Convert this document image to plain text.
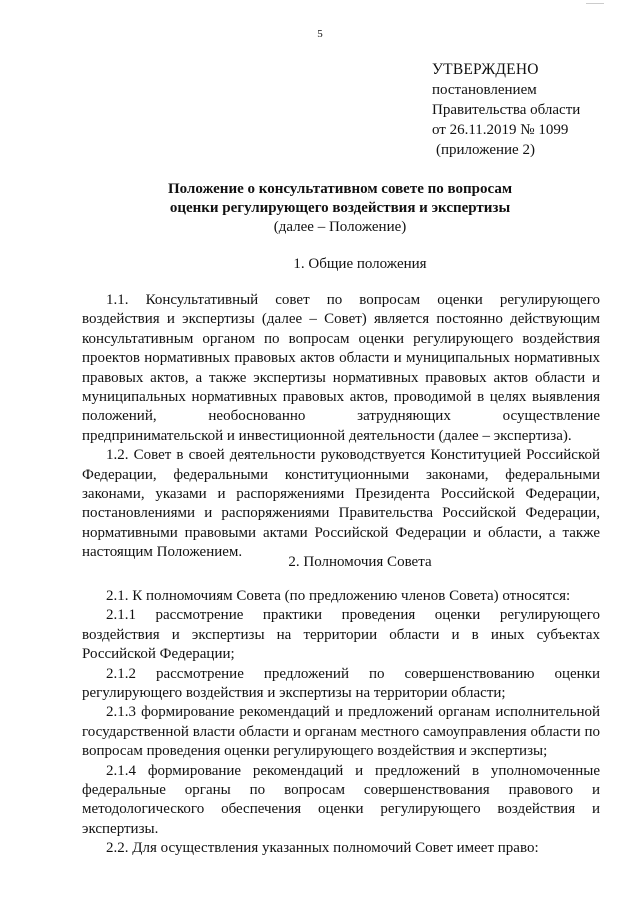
5
УТВЕРЖДЕНО
постановлением
Правительства области
от 26.11.2019 № 1099
(приложение 2)
Положение о консультативном совете по вопросам
оценки регулирующего воздействия и экспертизы
(далее – Положение)
1. Общие положения

1.1. Консультативный совет по вопросам оценки регулирующего воздействия и экспертизы (далее – Совет) является постоянно действующим консультативным органом по вопросам оценки регулирующего воздействия проектов нормативных правовых актов области и муниципальных нормативных правовых актов, а также экспертизы нормативных правовых актов области и муниципальных нормативных правовых актов, проводимой в целях выявления положений, необоснованно затрудняющих осуществление предпринимательской и инвестиционной деятельности (далее – экспертиза).

1.2. Совет в своей деятельности руководствуется Конституцией Российской Федерации, федеральными конституционными законами, федеральными законами, указами и распоряжениями Президента Российской Федерации, постановлениями и распоряжениями Правительства Российской Федерации, нормативными правовыми актами Российской Федерации и области, а также настоящим Положением.

2. Полномочия Совета

2.1. К полномочиям Совета (по предложению членов Совета) относятся:

2.1.1 рассмотрение практики проведения оценки регулирующего воздействия и экспертизы на территории области и в иных субъектах Российской Федерации;

2.1.2 рассмотрение предложений по совершенствованию оценки регулирующего воздействия и экспертизы на территории области;

2.1.3 формирование рекомендаций и предложений органам исполнительной государственной власти области и органам местного самоуправления области по вопросам проведения оценки регулирующего воздействия и экспертизы;

2.1.4 формирование рекомендаций и предложений в уполномоченные федеральные органы по вопросам совершенствования правового и методологического обеспечения оценки регулирующего воздействия и экспертизы.

2.2. Для осуществления указанных полномочий Совет имеет право:
